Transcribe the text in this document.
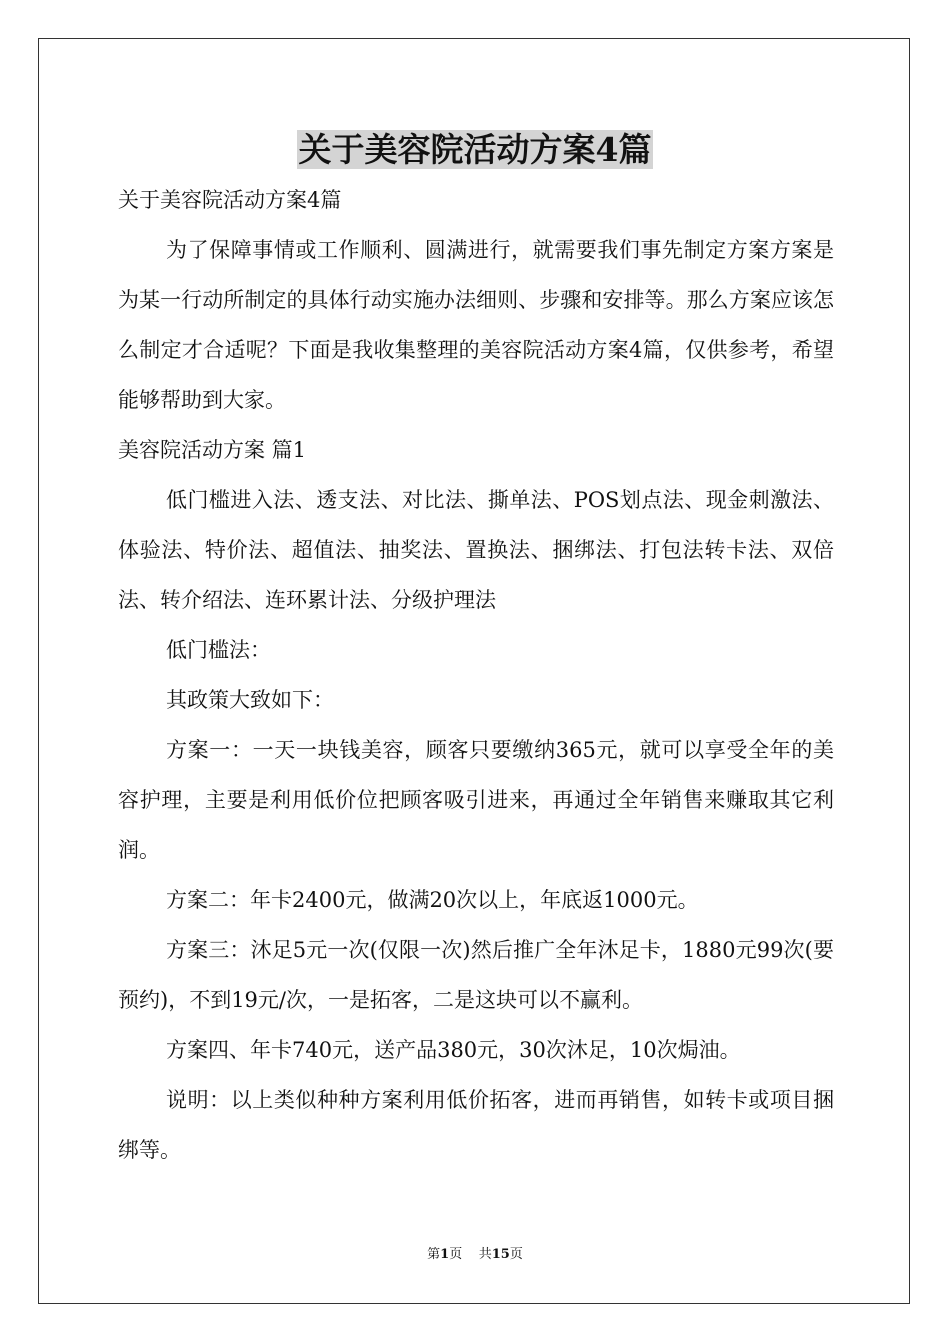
关于美容院活动方案4篇

关于美容院活动方案4篇

为了保障事情或工作顺利、圆满进行，就需要我们事先制定方案方案是为某一行动所制定的具体行动实施办法细则、步骤和安排等。那么方案应该怎么制定才合适呢？下面是我收集整理的美容院活动方案4篇，仅供参考，希望能够帮助到大家。

美容院活动方案 篇1

低门槛进入法、透支法、对比法、撕单法、POS划点法、现金刺激法、体验法、特价法、超值法、抽奖法、置换法、捆绑法、打包法转卡法、双倍法、转介绍法、连环累计法、分级护理法

低门槛法：

其政策大致如下：

方案一：一天一块钱美容，顾客只要缴纳365元，就可以享受全年的美容护理，主要是利用低价位把顾客吸引进来，再通过全年销售来赚取其它利润。

方案二：年卡2400元，做满20次以上，年底返1000元。

方案三：沐足5元一次(仅限一次)然后推广全年沐足卡，1880元99次(要预约)，不到19元/次，一是拓客，二是这块可以不赢利。

方案四、年卡740元，送产品380元，30次沐足，10次焗油。

说明：以上类似种种方案利用低价拓客，进而再销售，如转卡或项目捆绑等。

第1页 共15页
